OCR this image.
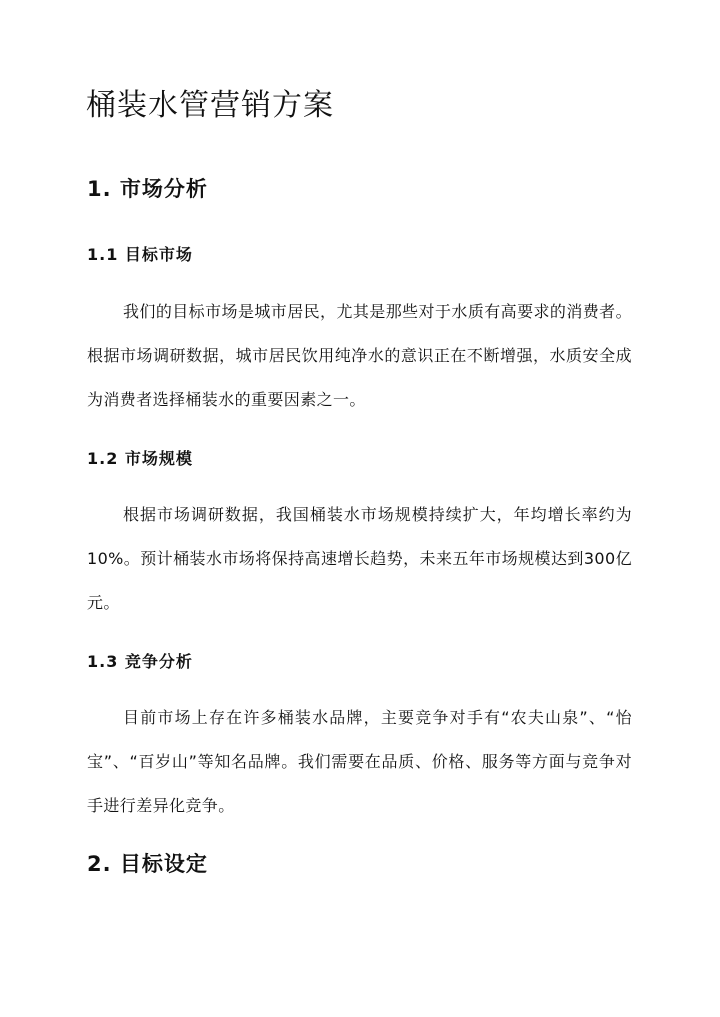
桶装水管营销方案
1. 市场分析
1.1 目标市场

我们的目标市场是城市居民，尤其是那些对于水质有高要求的消费者。根据市场调研数据，城市居民饮用纯净水的意识正在不断增强，水质安全成为消费者选择桶装水的重要因素之一。

1.2 市场规模

根据市场调研数据，我国桶装水市场规模持续扩大，年均增长率约为10%。预计桶装水市场将保持高速增长趋势，未来五年市场规模达到300亿元。

1.3 竞争分析

目前市场上存在许多桶装水品牌，主要竞争对手有“农夫山泉”、“怡宝”、“百岁山”等知名品牌。我们需要在品质、价格、服务等方面与竞争对手进行差异化竞争。

2. 目标设定
